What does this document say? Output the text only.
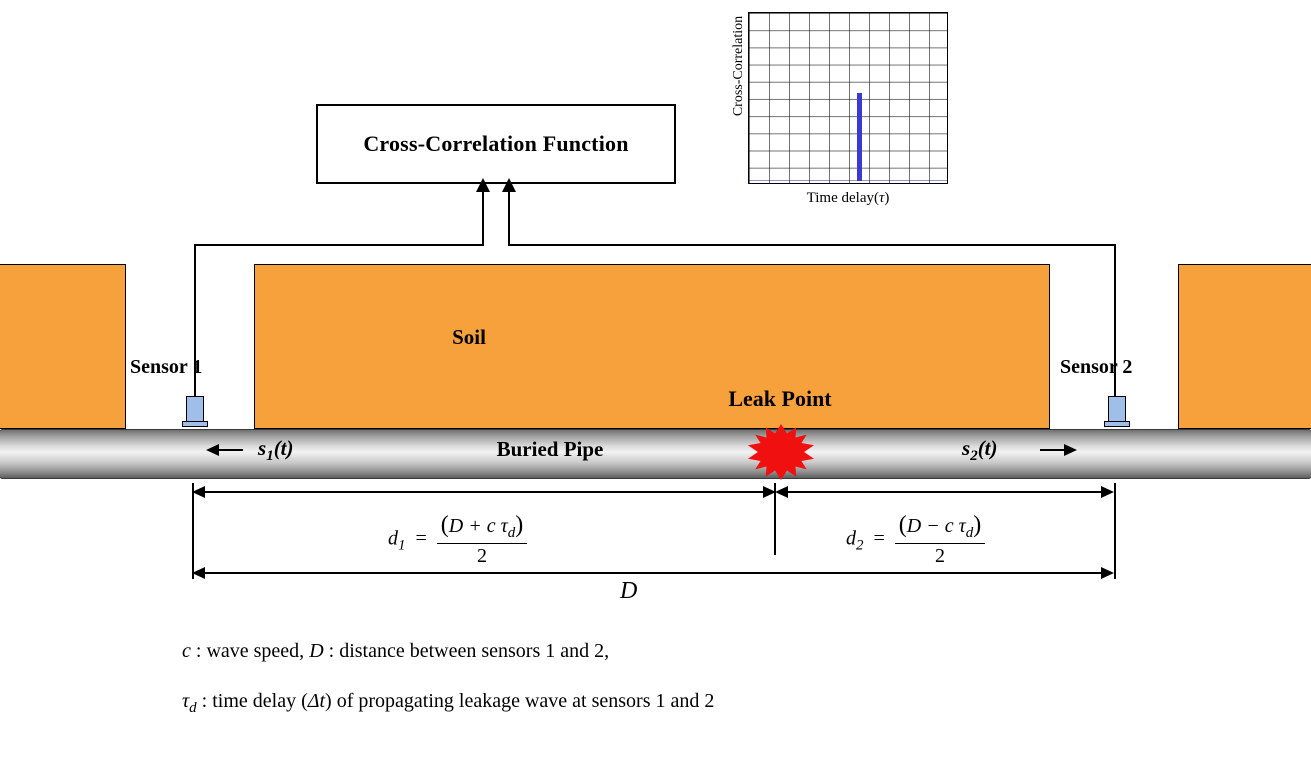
Cross-Correlation Function
Cross-Correlation
Time delay(τ)
Soil
Buried Pipe
Sensor 1	Sensor 2
Leak Point
$s_1(t)$	$s_2(t)$
$d_1 = \frac{(D + c \tau_d)}{2}$	$d_2 = \frac{(D - c \tau_d)}{2}$
D
c : wave speed, D : distance between sensors 1 and 2,
$\tau_d$ : time delay (Δt) of propagating leakage wave at sensors 1 and 2
